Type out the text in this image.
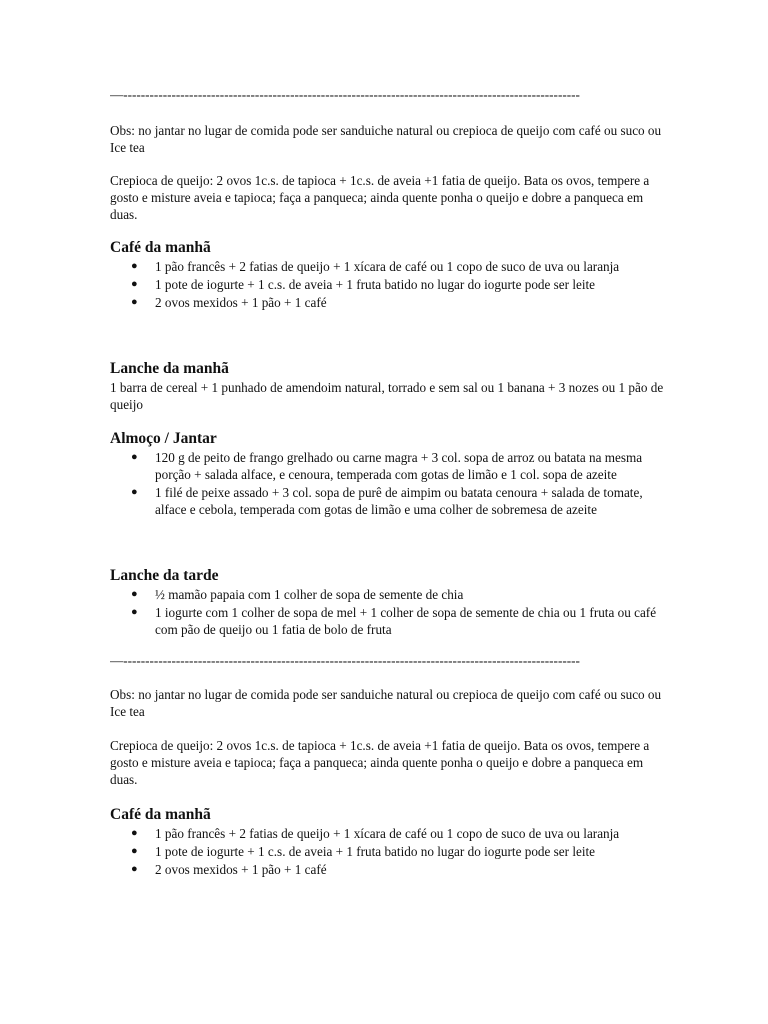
—--------------------------------------------------------------------------------------------------------

Obs: no jantar no lugar de comida pode ser sanduiche natural ou crepioca de queijo com café ou suco ou Ice tea

Crepioca de queijo: 2 ovos 1c.s. de tapioca + 1c.s. de aveia +1 fatia de queijo. Bata os ovos, tempere a gosto e misture aveia e tapioca; faça a panqueca; ainda quente ponha o queijo e dobre a panqueca em duas.

Café da manhã
● 1 pão francês + 2 fatias de queijo + 1 xícara de café ou 1 copo de suco de uva ou laranja
● 1 pote de iogurte + 1 c.s. de aveia + 1 fruta batido no lugar do iogurte pode ser leite
● 2 ovos mexidos + 1 pão + 1 café
Lanche da manhã

1 barra de cereal + 1 punhado de amendoim natural, torrado e sem sal ou 1 banana + 3 nozes ou 1 pão de queijo

Almoço / Jantar
● 120 g de peito de frango grelhado ou carne magra + 3 col. sopa de arroz ou batata na mesma porção + salada alface, e cenoura, temperada com gotas de limão e 1 col. sopa de azeite
● 1 filé de peixe assado + 3 col. sopa de purê de aimpim ou batata cenoura + salada de tomate, alface e cebola, temperada com gotas de limão e uma colher de sobremesa de azeite
Lanche da tarde
● ½ mamão papaia com 1 colher de sopa de semente de chia
● 1 iogurte com 1 colher de sopa de mel + 1 colher de sopa de semente de chia ou 1 fruta ou café com pão de queijo ou 1 fatia de bolo de fruta
—--------------------------------------------------------------------------------------------------------

Obs: no jantar no lugar de comida pode ser sanduiche natural ou crepioca de queijo com café ou suco ou Ice tea

Crepioca de queijo: 2 ovos 1c.s. de tapioca + 1c.s. de aveia +1 fatia de queijo. Bata os ovos, tempere a gosto e misture aveia e tapioca; faça a panqueca; ainda quente ponha o queijo e dobre a panqueca em duas.

Café da manhã
● 1 pão francês + 2 fatias de queijo + 1 xícara de café ou 1 copo de suco de uva ou laranja
● 1 pote de iogurte + 1 c.s. de aveia + 1 fruta batido no lugar do iogurte pode ser leite
● 2 ovos mexidos + 1 pão + 1 café
